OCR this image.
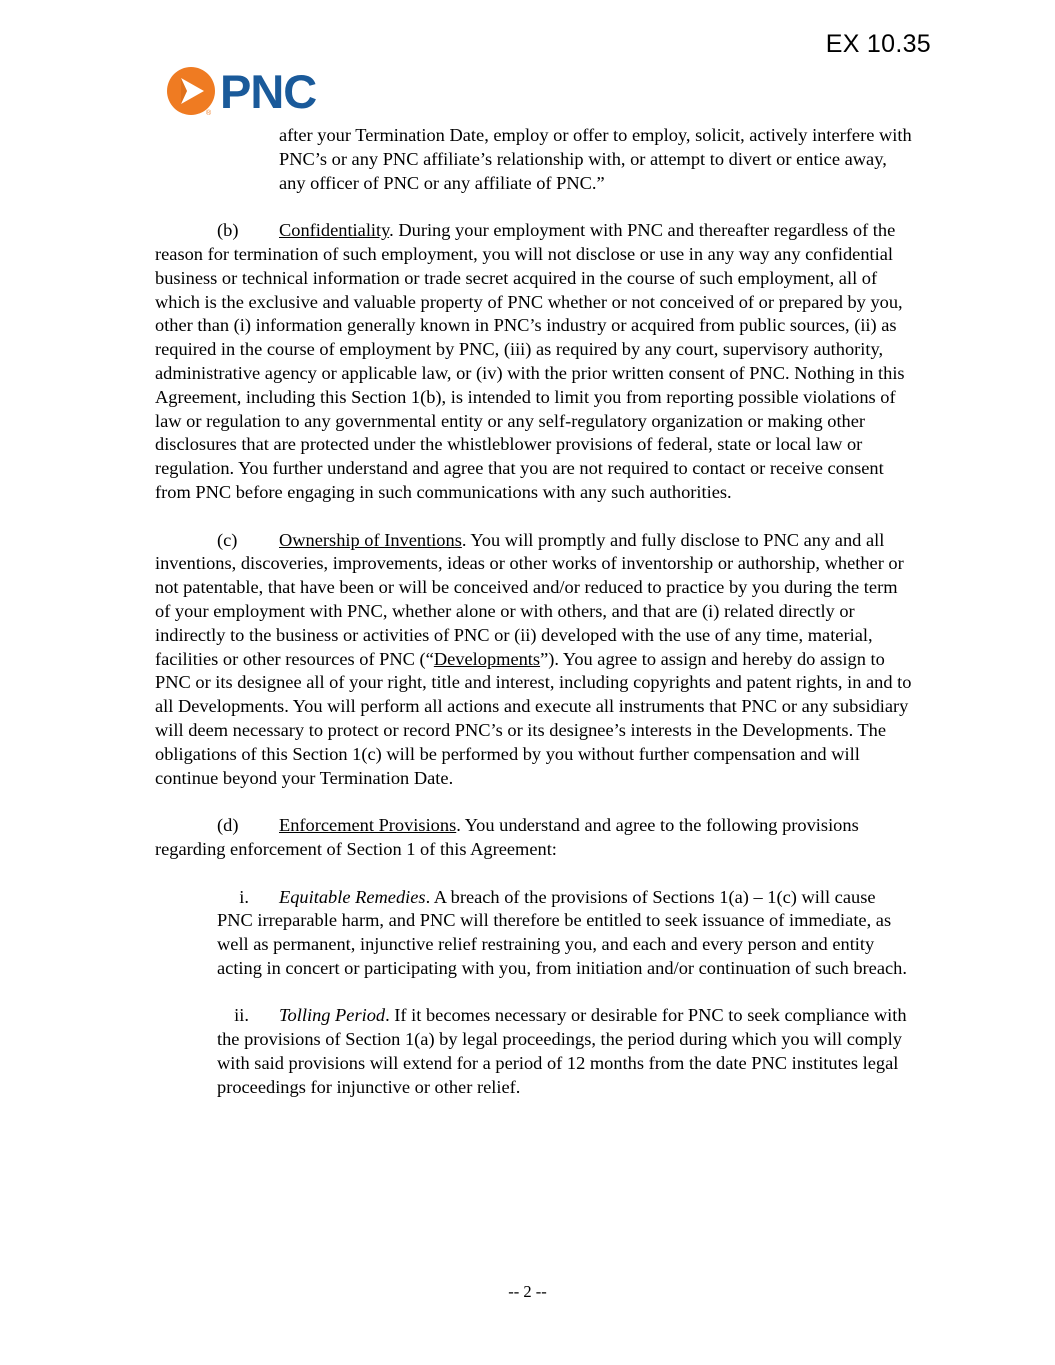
EX 10.35
® PNC

after your Termination Date, employ or offer to employ, solicit, actively interfere with PNC’s or any PNC affiliate’s relationship with, or attempt to divert or entice away, any officer of PNC or any affiliate of PNC.”

(b) Confidentiality. During your employment with PNC and thereafter regardless of the reason for termination of such employment, you will not disclose or use in any way any confidential business or technical information or trade secret acquired in the course of such employment, all of which is the exclusive and valuable property of PNC whether or not conceived of or prepared by you, other than (i) information generally known in PNC’s industry or acquired from public sources, (ii) as required in the course of employment by PNC, (iii) as required by any court, supervisory authority, administrative agency or applicable law, or (iv) with the prior written consent of PNC. Nothing in this Agreement, including this Section 1(b), is intended to limit you from reporting possible violations of law or regulation to any governmental entity or any self-regulatory organization or making other disclosures that are protected under the whistleblower provisions of federal, state or local law or regulation. You further understand and agree that you are not required to contact or receive consent from PNC before engaging in such communications with any such authorities.

(c) Ownership of Inventions. You will promptly and fully disclose to PNC any and all inventions, discoveries, improvements, ideas or other works of inventorship or authorship, whether or not patentable, that have been or will be conceived and/or reduced to practice by you during the term of your employment with PNC, whether alone or with others, and that are (i) related directly or indirectly to the business or activities of PNC or (ii) developed with the use of any time, material, facilities or other resources of PNC (“Developments”). You agree to assign and hereby do assign to PNC or its designee all of your right, title and interest, including copyrights and patent rights, in and to all Developments. You will perform all actions and execute all instruments that PNC or any subsidiary will deem necessary to protect or record PNC’s or its designee’s interests in the Developments. The obligations of this Section 1(c) will be performed by you without further compensation and will continue beyond your Termination Date.

(d) Enforcement Provisions. You understand and agree to the following provisions regarding enforcement of Section 1 of this Agreement:

i. Equitable Remedies. A breach of the provisions of Sections 1(a) – 1(c) will cause PNC irreparable harm, and PNC will therefore be entitled to seek issuance of immediate, as well as permanent, injunctive relief restraining you, and each and every person and entity acting in concert or participating with you, from initiation and/or continuation of such breach.

ii. Tolling Period. If it becomes necessary or desirable for PNC to seek compliance with the provisions of Section 1(a) by legal proceedings, the period during which you will comply with said provisions will extend for a period of 12 months from the date PNC institutes legal proceedings for injunctive or other relief.

-- 2 --
